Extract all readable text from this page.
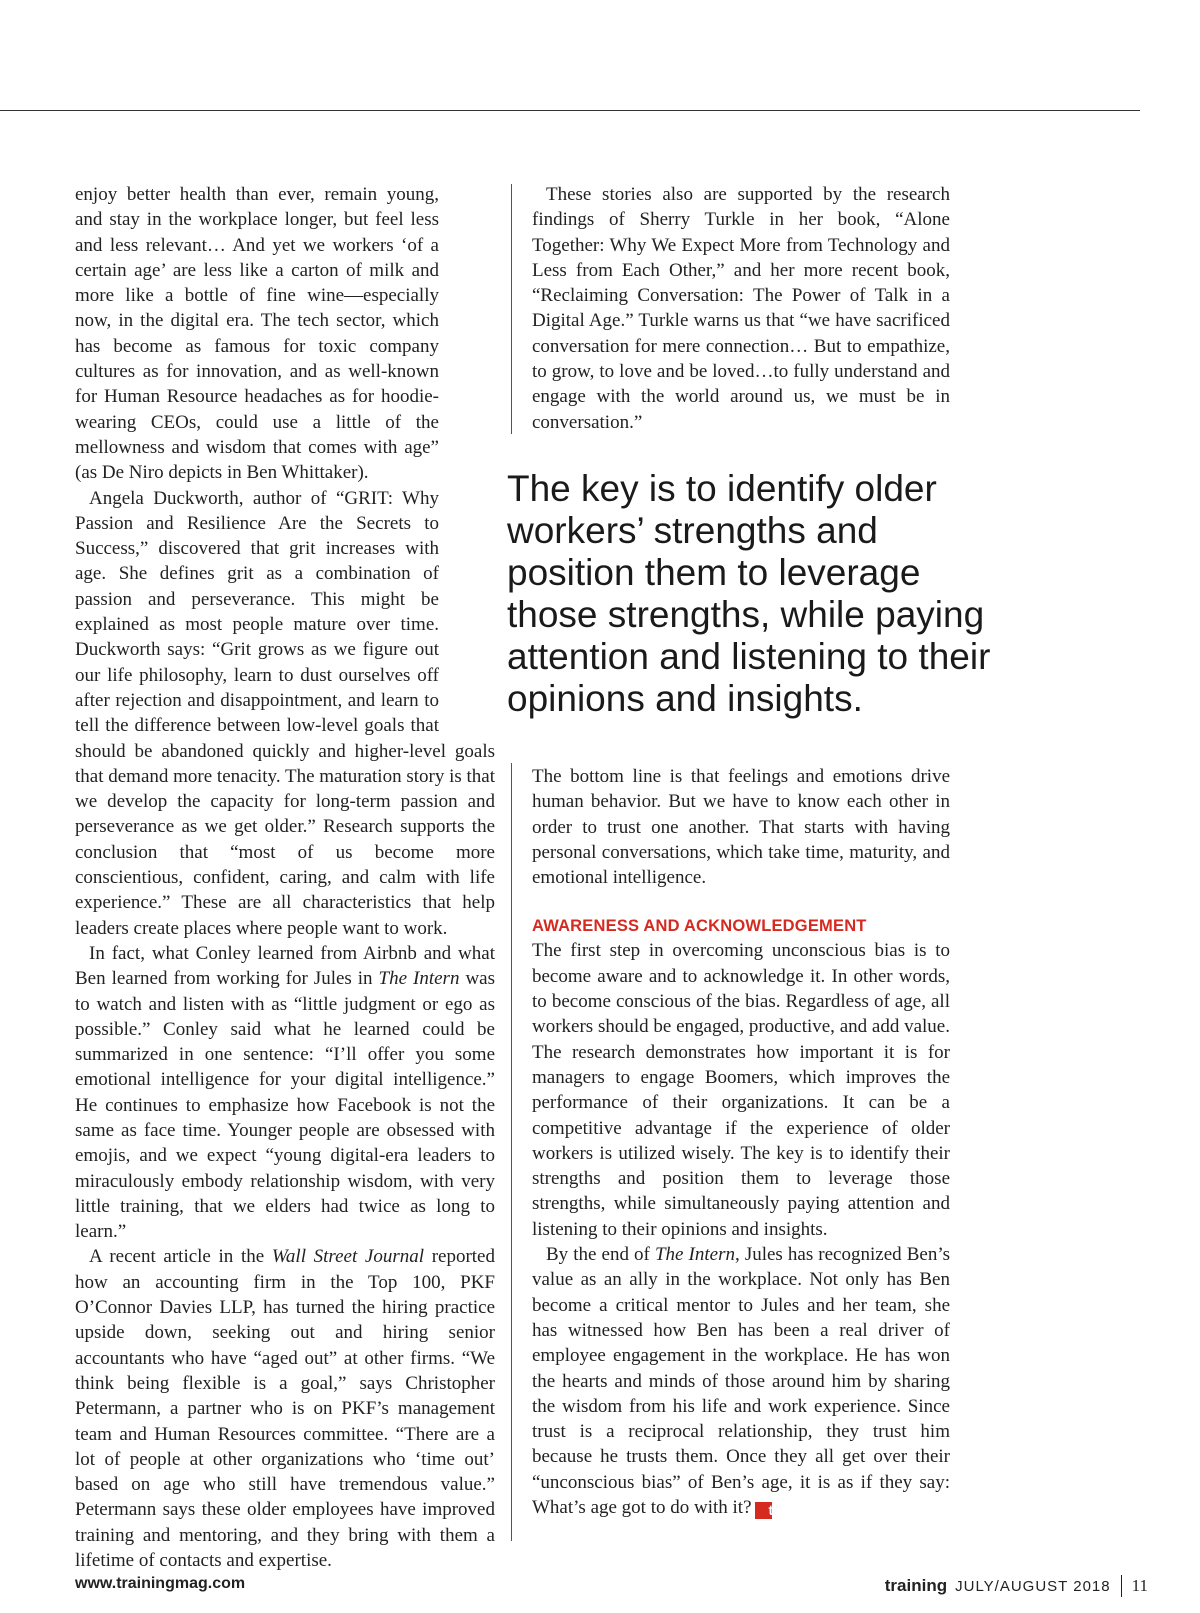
enjoy better health than ever, remain young, and stay in the workplace longer, but feel less and less relevant… And yet we workers ‘of a certain age’ are less like a carton of milk and more like a bottle of fine wine—especially now, in the digital era. The tech sector, which has become as famous for toxic company cultures as for innovation, and as well-known for Human Resource headaches as for hoodie-wearing CEOs, could use a little of the mellowness and wisdom that comes with age” (as De Niro depicts in Ben Whittaker).

Angela Duckworth, author of “GRIT: Why Passion and Resilience Are the Secrets to Success,” discovered that grit increases with age. She defines grit as a combination of passion and perseverance. This might be explained as most people mature over time. Duckworth says: “Grit grows as we figure out our life philosophy, learn to dust ourselves off after rejection and disappointment, and learn to tell the difference between low-level goals that should be abandoned quickly and higher-level goals that demand more tenacity. The maturation story is that we develop the capacity for long-term passion and perseverance as we get older.” Research supports the conclusion that “most of us become more conscientious, confident, caring, and calm with life experience.” These are all characteristics that help leaders create places where people want to work.

In fact, what Conley learned from Airbnb and what Ben learned from working for Jules in The Intern was to watch and listen with as “little judgment or ego as possible.” Conley said what he learned could be summarized in one sentence: “I’ll offer you some emotional intelligence for your digital intelligence.” He continues to emphasize how Facebook is not the same as face time. Younger people are obsessed with emojis, and we expect “young digital-era leaders to miraculously embody relationship wisdom, with very little training, that we elders had twice as long to learn.”

A recent article in the Wall Street Journal reported how an accounting firm in the Top 100, PKF O’Connor Davies LLP, has turned the hiring practice upside down, seeking out and hiring senior accountants who have “aged out” at other firms. “We think being flexible is a goal,” says Christopher Petermann, a partner who is on PKF’s management team and Human Resources committee. “There are a lot of people at other organizations who ‘time out’ based on age who still have tremendous value.” Petermann says these older employees have improved training and mentoring, and they bring with them a lifetime of contacts and expertise.

These stories also are supported by the research findings of Sherry Turkle in her book, “Alone Together: Why We Expect More from Technology and Less from Each Other,” and her more recent book, “Reclaiming Conversation: The Power of Talk in a Digital Age.” Turkle warns us that “we have sacrificed conversation for mere connection… But to empathize, to grow, to love and be loved…to fully understand and engage with the world around us, we must be in conversation.”

The key is to identify older workers’ strengths and position them to leverage those strengths, while paying attention and listening to their opinions and insights.

The bottom line is that feelings and emotions drive human behavior. But we have to know each other in order to trust one another. That starts with having personal conversations, which take time, maturity, and emotional intelligence.

AWARENESS AND ACKNOWLEDGEMENT

The first step in overcoming unconscious bias is to become aware and to acknowledge it. In other words, to become conscious of the bias. Regardless of age, all workers should be engaged, productive, and add value. The research demonstrates how important it is for managers to engage Boomers, which improves the performance of their organizations. It can be a competitive advantage if the experience of older workers is utilized wisely. The key is to identify their strengths and position them to leverage those strengths, while simultaneously paying attention and listening to their opinions and insights.

By the end of The Intern, Jules has recognized Ben’s value as an ally in the workplace. Not only has Ben become a critical mentor to Jules and her team, she has witnessed how Ben has been a real driver of employee engagement in the workplace. He has won the hearts and minds of those around him by sharing the wisdom from his life and work experience. Since trust is a reciprocal relationship, they trust him because he trusts them. Once they all get over their “unconscious bias” of Ben’s age, it is as if they say: What’s age got to do with it? t

www.trainingmag.com	training JULY/AUGUST 2018 11
